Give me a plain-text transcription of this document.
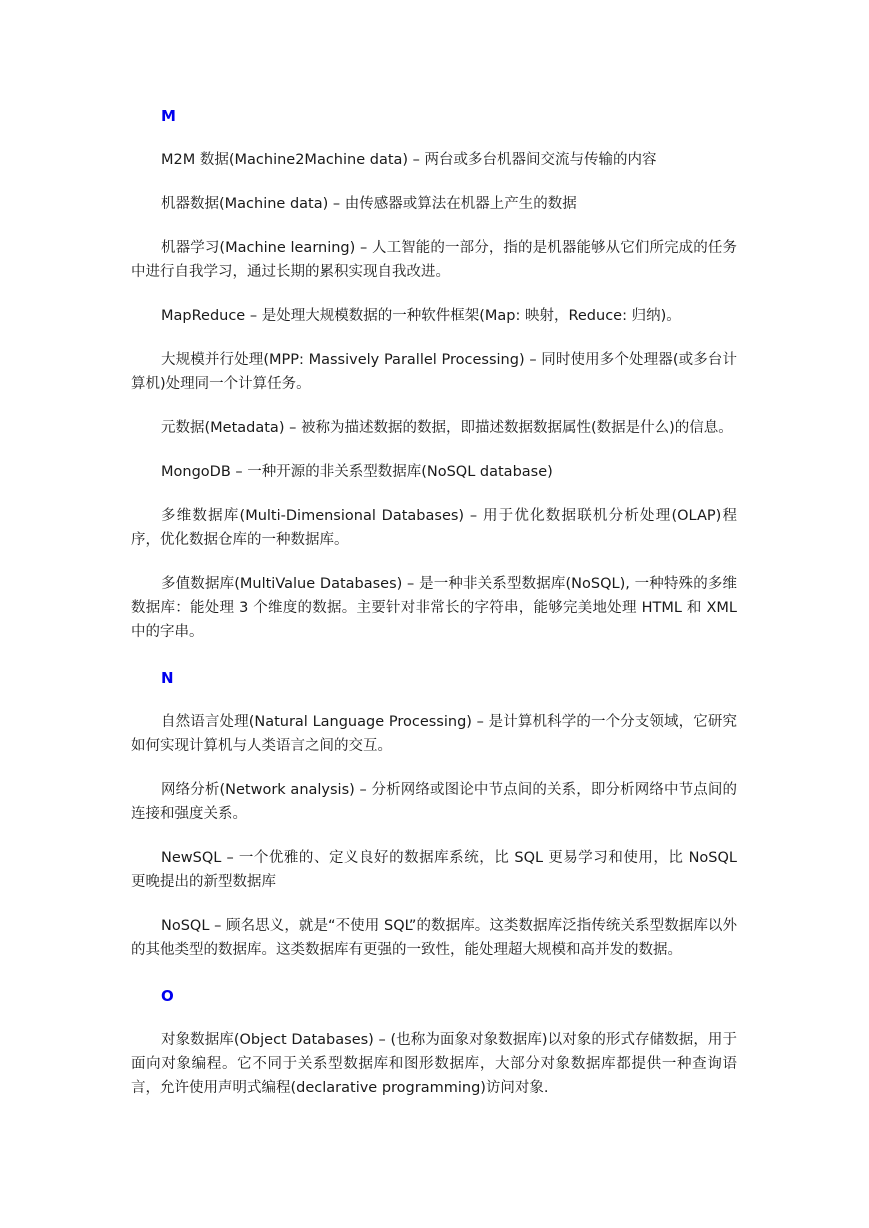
M

M2M 数据(Machine2Machine data) – 两台或多台机器间交流与传输的内容

机器数据(Machine data) – 由传感器或算法在机器上产生的数据

机器学习(Machine learning) – 人工智能的一部分，指的是机器能够从它们所完成的任务中进行自我学习，通过长期的累积实现自我改进。

MapReduce – 是处理大规模数据的一种软件框架(Map: 映射，Reduce: 归纳)。

大规模并行处理(MPP: Massively Parallel Processing) – 同时使用多个处理器(或多台计算机)处理同一个计算任务。

元数据(Metadata) – 被称为描述数据的数据，即描述数据数据属性(数据是什么)的信息。

MongoDB – 一种开源的非关系型数据库(NoSQL database)

多维数据库(Multi-Dimensional Databases) – 用于优化数据联机分析处理(OLAP)程序，优化数据仓库的一种数据库。

多值数据库(MultiValue Databases) – 是一种非关系型数据库(NoSQL), 一种特殊的多维数据库：能处理 3 个维度的数据。主要针对非常长的字符串，能够完美地处理 HTML 和 XML 中的字串。

N

自然语言处理(Natural Language Processing) – 是计算机科学的一个分支领域，它研究如何实现计算机与人类语言之间的交互。

网络分析(Network analysis) – 分析网络或图论中节点间的关系，即分析网络中节点间的连接和强度关系。

NewSQL – 一个优雅的、定义良好的数据库系统，比 SQL 更易学习和使用，比 NoSQL 更晚提出的新型数据库

NoSQL – 顾名思义，就是“不使用 SQL”的数据库。这类数据库泛指传统关系型数据库以外的其他类型的数据库。这类数据库有更强的一致性，能处理超大规模和高并发的数据。

O

对象数据库(Object Databases) – (也称为面象对象数据库)以对象的形式存储数据，用于面向对象编程。它不同于关系型数据库和图形数据库，大部分对象数据库都提供一种查询语言，允许使用声明式编程(declarative programming)访问对象.
